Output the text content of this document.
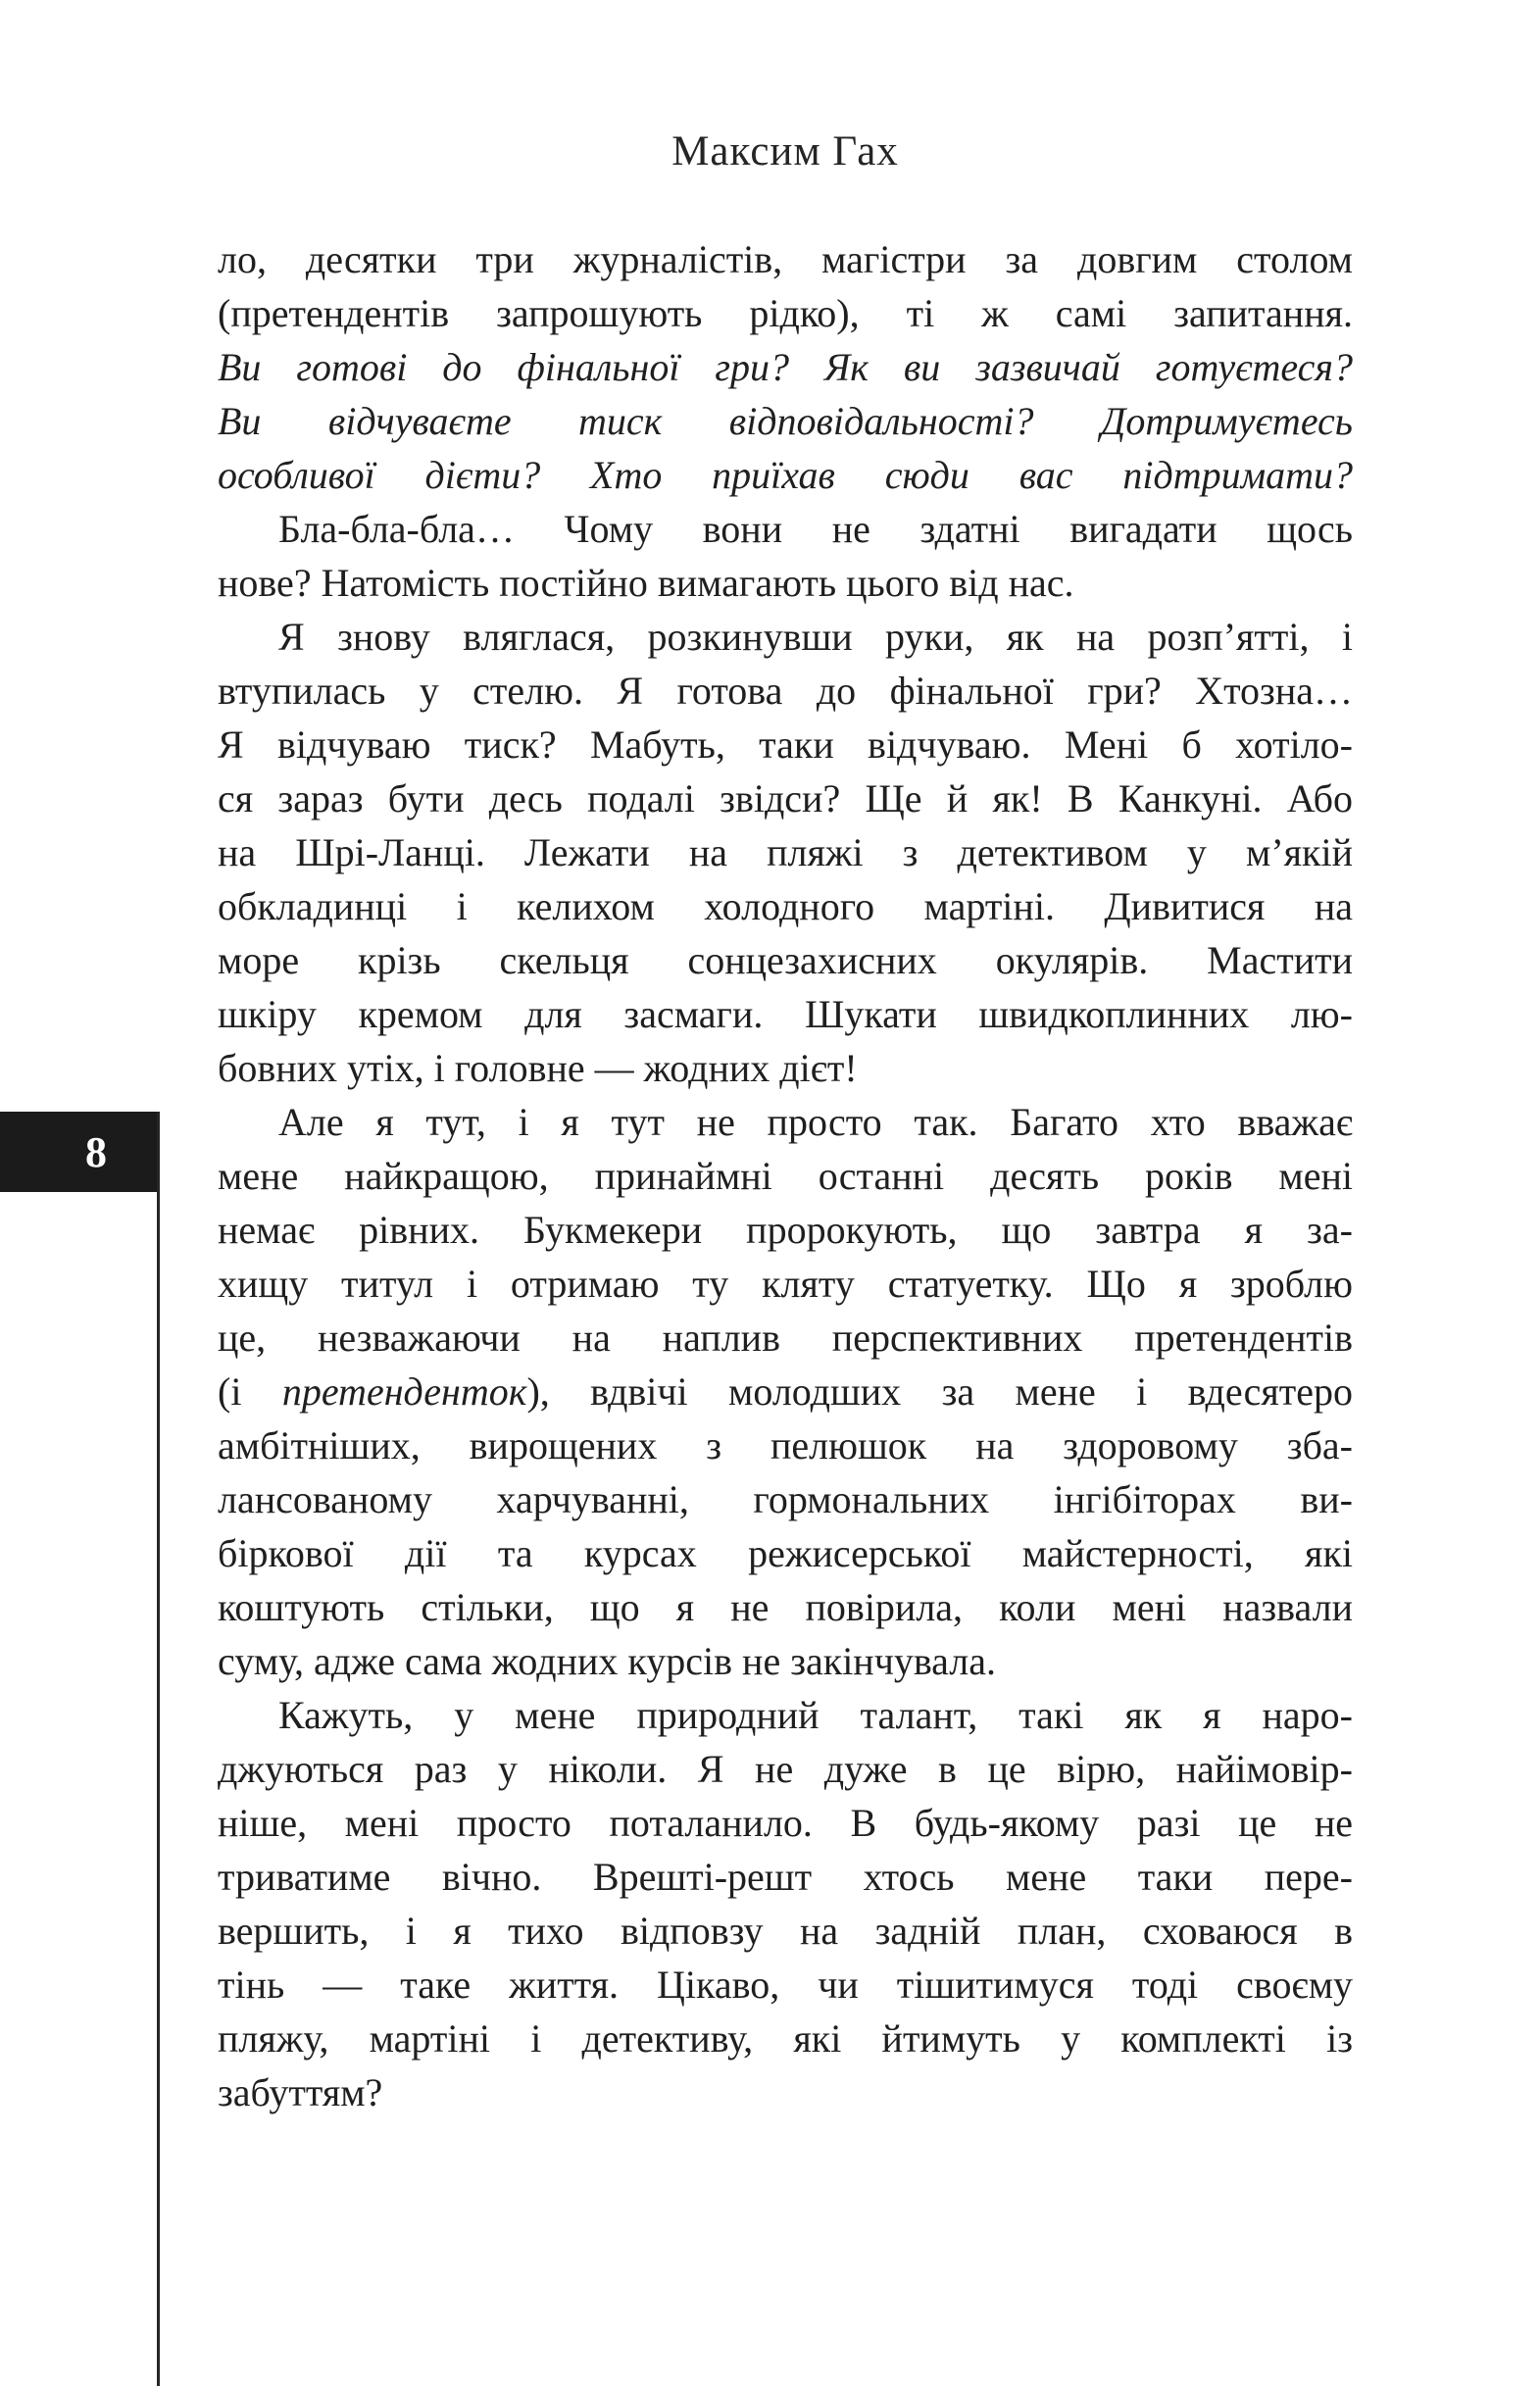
Максим Гах
ло, десятки три журналістів, магістри за довгим столом
(претендентів запрошують рідко), ті ж самі запитання.
Ви готові до фінальної гри? Як ви зазвичай готуєтеся?
Ви відчуваєте тиск відповідальності? Дотримуєтесь
особливої дієти? Хто приїхав сюди вас підтримати?
Бла-бла-бла… Чому вони не здатні вигадати щось
нове? Натомість постійно вимагають цього від нас.
Я знову вляглася, розкинувши руки, як на розп’ятті, і
втупилась у стелю. Я готова до фінальної гри? Хтозна…
Я відчуваю тиск? Мабуть, таки відчуваю. Мені б хотіло-
ся зараз бути десь подалі звідси? Ще й як! В Канкуні. Або
на Шрі-Ланці. Лежати на пляжі з детективом у м’якій
обкладинці і келихом холодного мартіні. Дивитися на
море крізь скельця сонцезахисних окулярів. Мастити
шкіру кремом для засмаги. Шукати швидкоплинних лю-
бовних утіх, і головне — жодних дієт!
Але я тут, і я тут не просто так. Багато хто вважає
мене найкращою, принаймні останні десять років мені
немає рівних. Букмекери пророкують, що завтра я за-
хищу титул і отримаю ту кляту статуетку. Що я зроблю
це, незважаючи на наплив перспективних претендентів
(і претенденток), вдвічі молодших за мене і вдесятеро
амбітніших, вирощених з пелюшок на здоровому зба-
лансованому харчуванні, гормональних інгібіторах ви-
біркової дії та курсах режисерської майстерності, які
коштують стільки, що я не повірила, коли мені назвали
суму, адже сама жодних курсів не закінчувала.
Кажуть, у мене природний талант, такі як я наро-
джуються раз у ніколи. Я не дуже в це вірю, найімовір-
ніше, мені просто поталанило. В будь-якому разі це не
триватиме вічно. Врешті-решт хтось мене таки пере-
вершить, і я тихо відповзу на задній план, сховаюся в
тінь — таке життя. Цікаво, чи тішитимуся тоді своєму
пляжу, мартіні і детективу, які йтимуть у комплекті із
забуттям?
8
